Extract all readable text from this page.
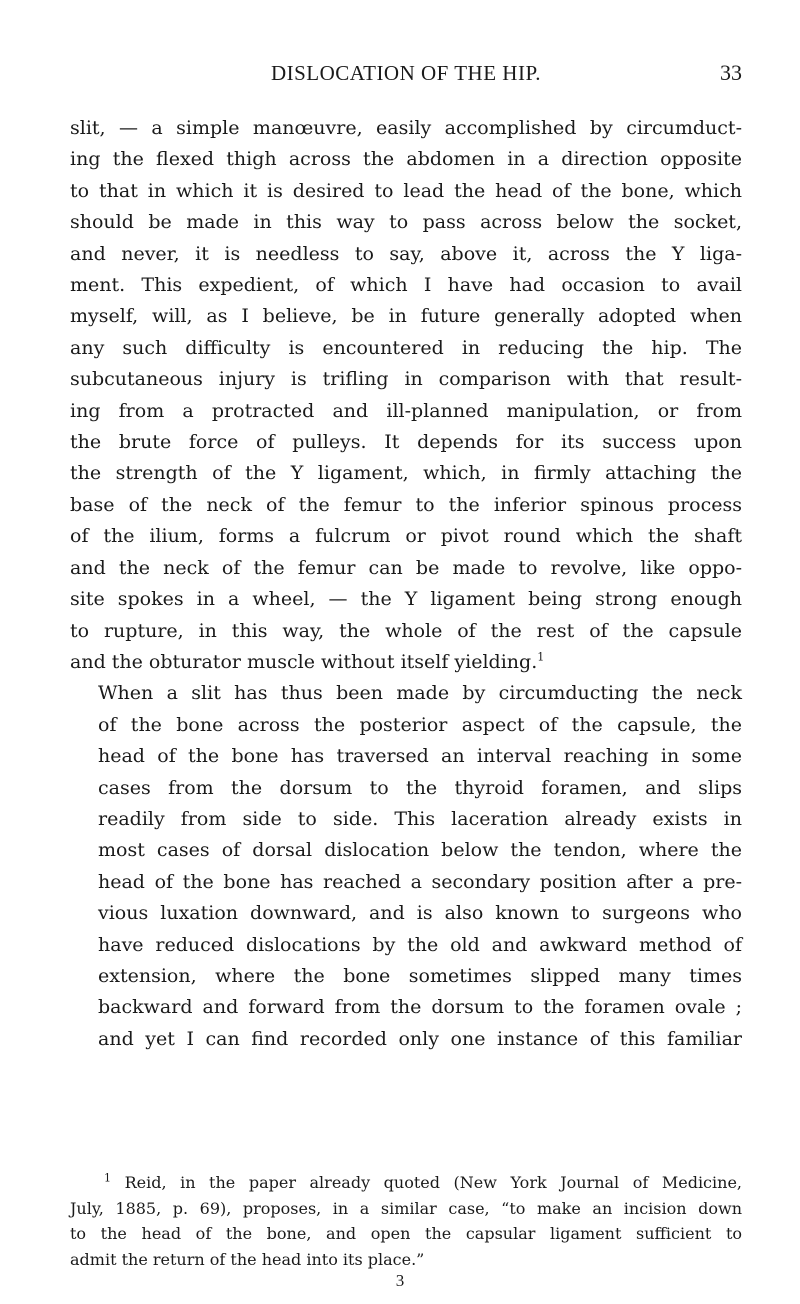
DISLOCATION OF THE HIP.	33

slit, — a simple manœuvre, easily accomplished by circumduct-
ing the flexed thigh across the abdomen in a direction opposite
to that in which it is desired to lead the head of the bone, which
should be made in this way to pass across below the socket,
and never, it is needless to say, above it, across the Y liga-
ment. This expedient, of which I have had occasion to avail
myself, will, as I believe, be in future generally adopted when
any such difficulty is encountered in reducing the hip. The
subcutaneous injury is trifling in comparison with that result-
ing from a protracted and ill-planned manipulation, or from
the brute force of pulleys. It depends for its success upon
the strength of the Y ligament, which, in firmly attaching the
base of the neck of the femur to the inferior spinous process
of the ilium, forms a fulcrum or pivot round which the shaft
and the neck of the femur can be made to revolve, like oppo-
site spokes in a wheel, — the Y ligament being strong enough
to rupture, in this way, the whole of the rest of the capsule
and the obturator muscle without itself yielding.$^1$

When a slit has thus been made by circumducting the neck
of the bone across the posterior aspect of the capsule, the
head of the bone has traversed an interval reaching in some
cases from the dorsum to the thyroid foramen, and slips
readily from side to side. This laceration already exists in
most cases of dorsal dislocation below the tendon, where the
head of the bone has reached a secondary position after a pre-
vious luxation downward, and is also known to surgeons who
have reduced dislocations by the old and awkward method of
extension, where the bone sometimes slipped many times
backward and forward from the dorsum to the foramen ovale ;
and yet I can find recorded only one instance of this familiar

$^1$ Reid, in the paper already quoted (New York Journal of Medicine,
July, 1885, p. 69), proposes, in a similar case, “to make an incision down
to the head of the bone, and open the capsular ligament sufficient to
admit the return of the head into its place.”
3
